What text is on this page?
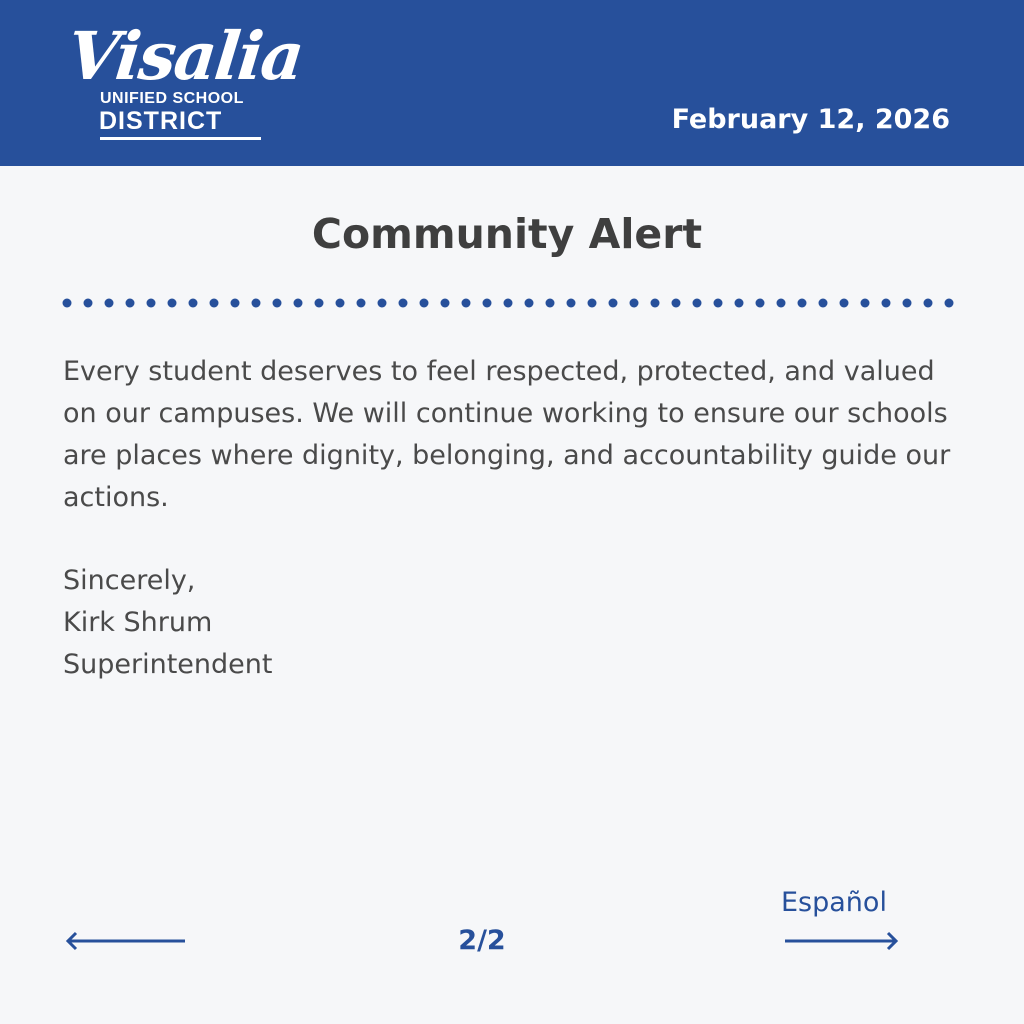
Visalia
UNIFIED SCHOOL
DISTRICT	February 12, 2026
Community Alert

Every student deserves to feel respected, protected, and valued on our campuses. We will continue working to ensure our schools are places where dignity, belonging, and accountability guide our actions.

Sincerely,
Kirk Shrum
Superintendent
2/2
Español
